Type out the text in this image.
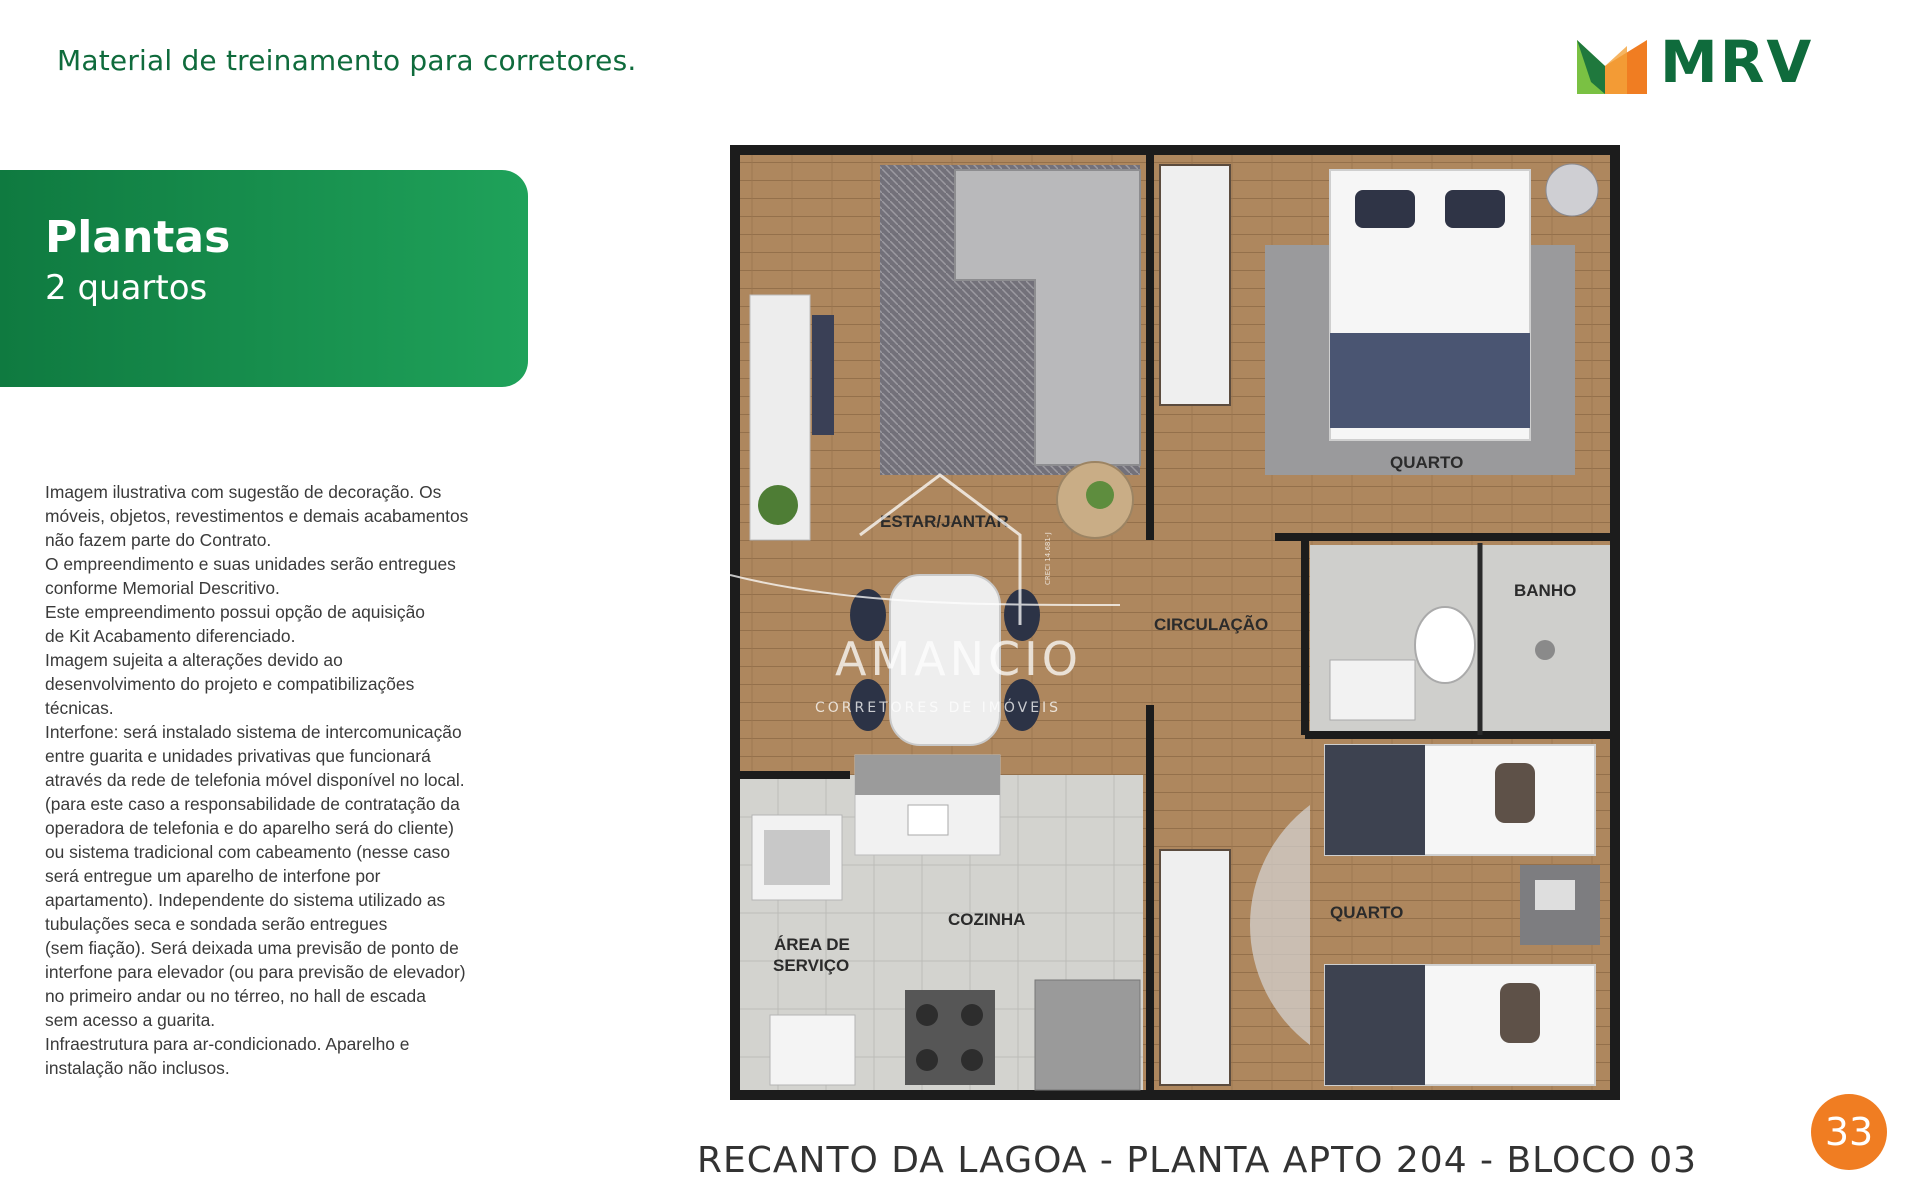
Material de treinamento para corretores.	MRV
Plantas
2 quartos
Imagem ilustrativa com sugestão de decoração. Os
móveis, objetos, revestimentos e demais acabamentos
não fazem parte do Contrato.
O empreendimento e suas unidades serão entregues
conforme Memorial Descritivo.
Este empreendimento possui opção de aquisição
de Kit Acabamento diferenciado.
Imagem sujeita a alterações devido ao
desenvolvimento do projeto e compatibilizações
técnicas.
Interfone: será instalado sistema de intercomunicação
entre guarita e unidades privativas que funcionará
através da rede de telefonia móvel disponível no local.
(para este caso a responsabilidade de contratação da
operadora de telefonia e do aparelho será do cliente)
ou sistema tradicional com cabeamento (nesse caso
será entregue um aparelho de interfone por
apartamento). Independente do sistema utilizado as
tubulações seca e sondada serão entregues
(sem fiação). Será deixada uma previsão de ponto de
interfone para elevador (ou para previsão de elevador)
no primeiro andar ou no térreo, no hall de escada
sem acesso a guarita.
Infraestrutura para ar-condicionado. Aparelho e
instalação não inclusos.
ESTAR/JANTAR
QUARTO
BANHO
CIRCULAÇÃO
COZINHA
ÁREA DE
SERVIÇO
QUARTO
AMANCIO
CORRETORES DE IMÓVEIS
CRECI 14.681-J
RECANTO DA LAGOA - PLANTA APTO 204 - BLOCO 03
33
